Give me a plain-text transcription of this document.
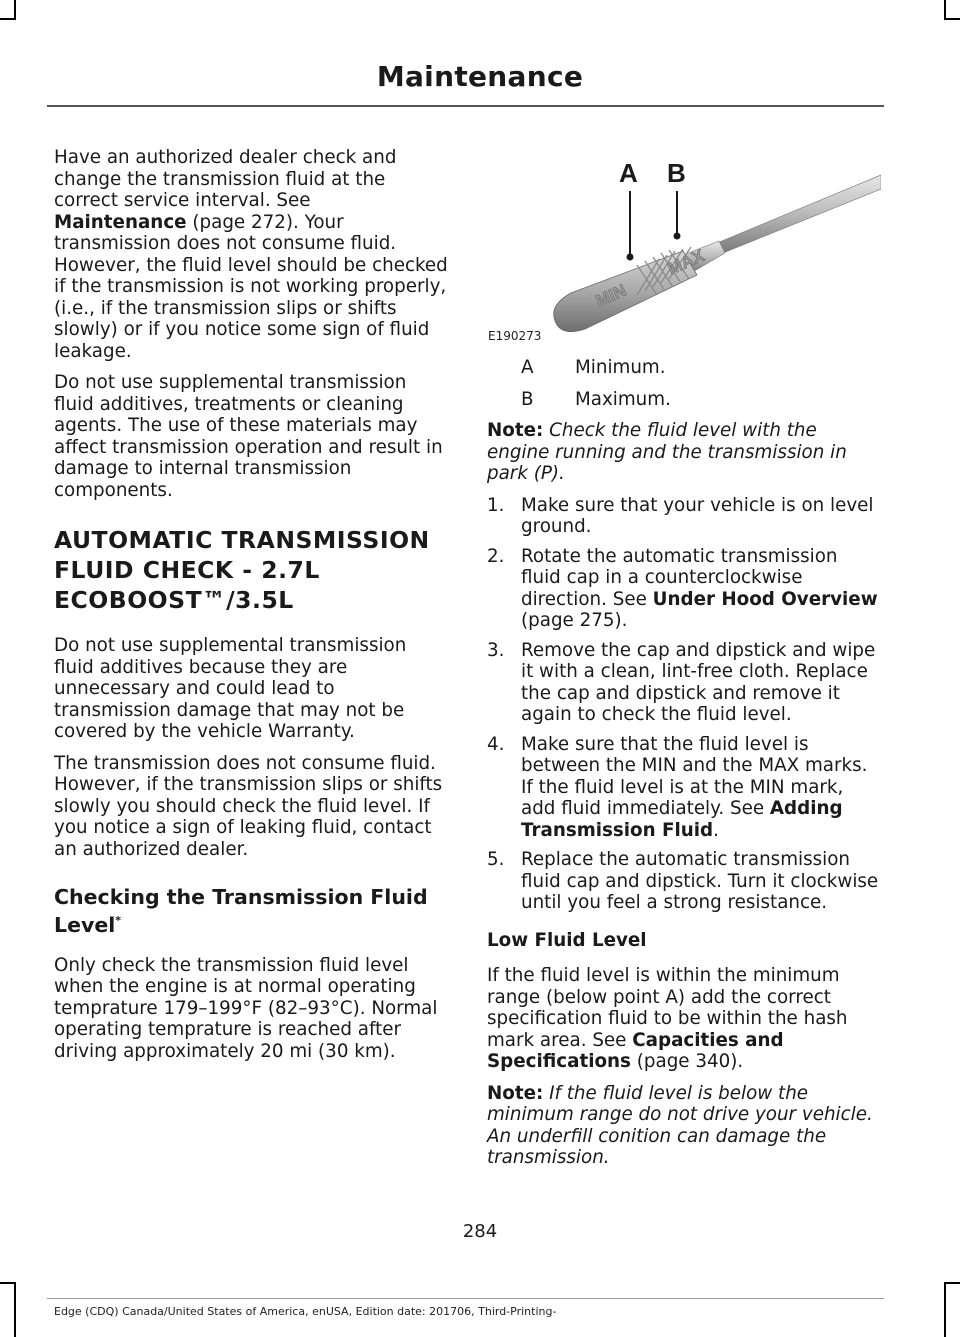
Maintenance

Have an authorized dealer check and change the transmission fluid at the correct service interval. See Maintenance (page 272). Your transmission does not consume fluid. However, the fluid level should be checked if the transmission is not working properly, (i.e., if the transmission slips or shifts slowly) or if you notice some sign of fluid leakage.

Do not use supplemental transmission fluid additives, treatments or cleaning agents. The use of these materials may affect transmission operation and result in damage to internal transmission components.

AUTOMATIC TRANSMISSION
FLUID CHECK - 2.7L
ECOBOOST™/3.5L

Do not use supplemental transmission fluid additives because they are unnecessary and could lead to transmission damage that may not be covered by the vehicle Warranty.

The transmission does not consume fluid. However, if the transmission slips or shifts slowly you should check the fluid level. If you notice a sign of leaking fluid, contact an authorized dealer.

Checking the Transmission Fluid Level*

Only check the transmission fluid level when the engine is at normal operating temprature 179–199°F (82–93°C). Normal operating temprature is reached after driving approximately 20 mi (30 km).

MIN
MAX
A B
E190273
A	Minimum.
B	Maximum.

Note: Check the fluid level with the engine running and the transmission in park (P).

1. Make sure that your vehicle is on level ground.
2. Rotate the automatic transmission fluid cap in a counterclockwise direction. See Under Hood Overview (page 275).
3. Remove the cap and dipstick and wipe it with a clean, lint-free cloth. Replace the cap and dipstick and remove it again to check the fluid level.
4. Make sure that the fluid level is between the MIN and the MAX marks. If the fluid level is at the MIN mark, add fluid immediately. See Adding Transmission Fluid.
5. Replace the automatic transmission fluid cap and dipstick. Turn it clockwise until you feel a strong resistance.
Low Fluid Level

If the fluid level is within the minimum range (below point A) add the correct specification fluid to be within the hash mark area. See Capacities and Specifications (page 340).

Note: If the fluid level is below the minimum range do not drive your vehicle. An underfill conition can damage the transmission.

284
Edge (CDQ) Canada/United States of America, enUSA, Edition date: 201706, Third-Printing-
